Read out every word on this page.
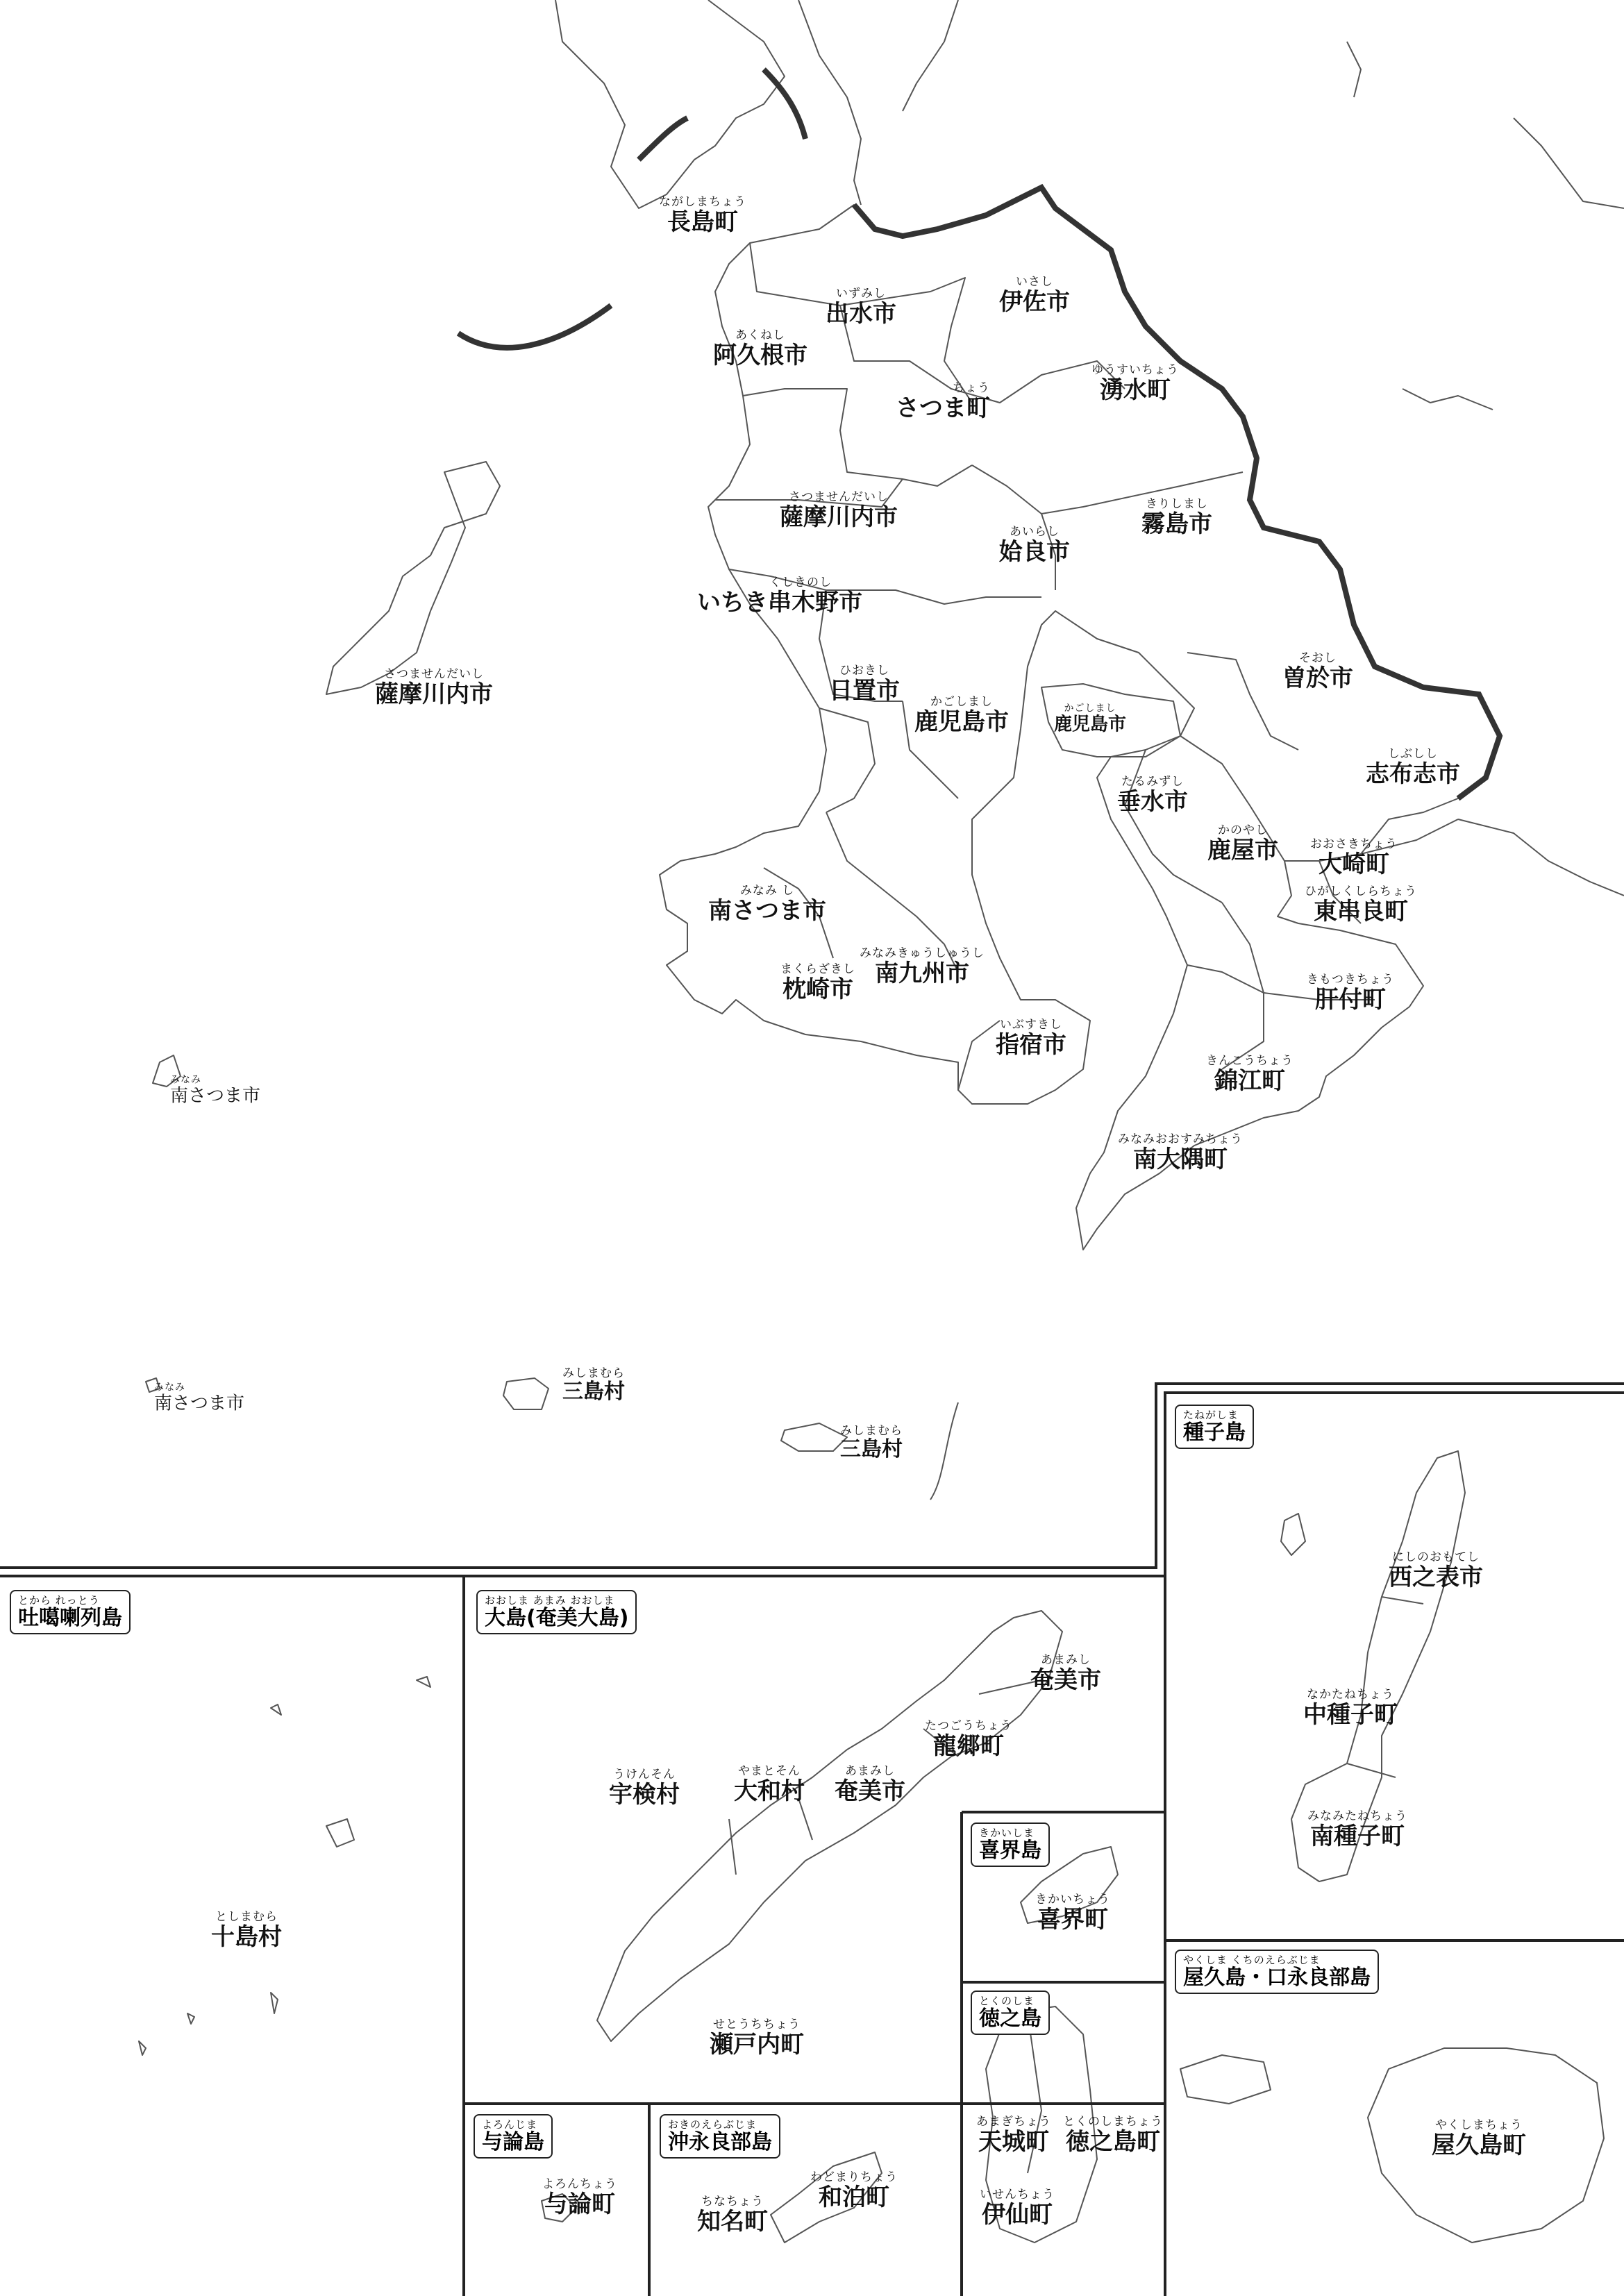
ながしまちょう
長島町
いずみし
出水市
いさし
伊佐市
あくねし
阿久根市
ちょう
さつま町
ゆうすいちょう
湧水町
さつませんだいし
薩摩川内市
あいらし
姶良市
きりしまし
霧島市
くしきのし
いちき串木野市
さつませんだいし
薩摩川内市
そおし
曽於市
ひおきし
日置市	かごしまし
鹿児島市	かごしまし
鹿児島市
しぶしし
志布志市
たるみずし
垂水市
かのやし
鹿屋市	おおさきちょう
大崎町
ひがしくしらちょう
東串良町
みなみ し
南さつま市
みなみきゅうしゅうし
南九州市
まくらざきし
枕崎市	きもつきちょう
肝付町
いぶすきし
指宿市
きんこうちょう
錦江町
みなみおおすみちょう
南大隅町
みなみ
南さつま市
みなみ
南さつま市
みしまむら
三島村
みしまむら
三島村
とから れっとう
吐噶喇列島
おおしま あまみ おおしま
大島(奄美大島)
たねがしま
種子島
きかいしま
喜界島
とくのしま
徳之島
やくしま くちのえらぶじま
屋久島・口永良部島
よろんじま
与論島
おきのえらぶじま
沖永良部島
としまむら
十島村
あまみし
奄美市
たつごうちょう
龍郷町
うけんそん
宇検村
やまとそん
大和村
あまみし
奄美市
せとうちちょう
瀬戸内町
にしのおもてし
西之表市
なかたねちょう
中種子町
みなみたねちょう
南種子町
きかいちょう
喜界町
あまぎちょう
天城町
とくのしまちょう
徳之島町
いせんちょう
伊仙町
やくしまちょう
屋久島町
よろんちょう
与論町	ちなちょう
知名町
わどまりちょう
和泊町
